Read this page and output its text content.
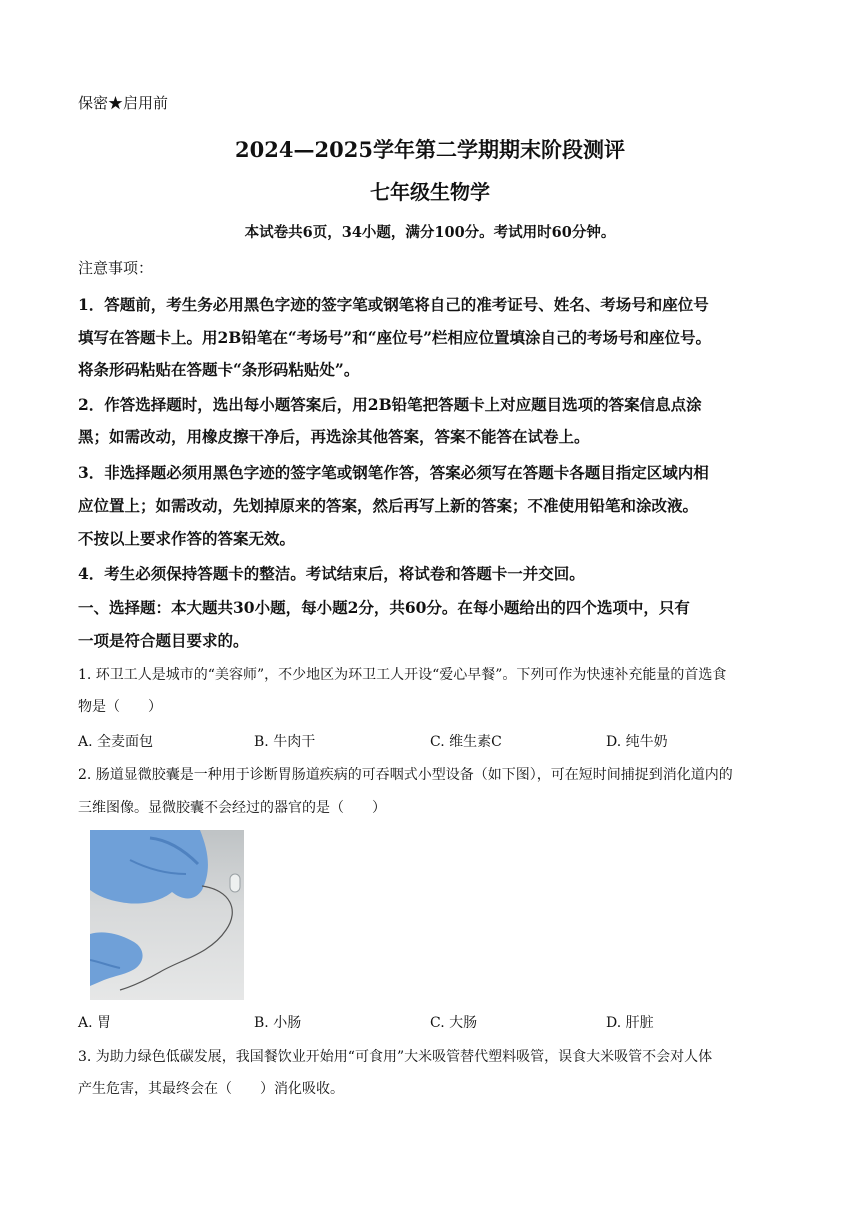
保密★启用前
2024—2025学年第二学期期末阶段测评
七年级生物学
本试卷共6页，34小题，满分100分。考试用时60分钟。
注意事项：
1．答题前，考生务必用黑色字迹的签字笔或钢笔将自己的准考证号、姓名、考场号和座位号
填写在答题卡上。用2B铅笔在“考场号”和“座位号”栏相应位置填涂自己的考场号和座位号。
将条形码粘贴在答题卡“条形码粘贴处”。
2．作答选择题时，选出每小题答案后，用2B铅笔把答题卡上对应题目选项的答案信息点涂
黑；如需改动，用橡皮擦干净后，再选涂其他答案，答案不能答在试卷上。
3．非选择题必须用黑色字迹的签字笔或钢笔作答，答案必须写在答题卡各题目指定区域内相
应位置上；如需改动，先划掉原来的答案，然后再写上新的答案；不准使用铅笔和涂改液。
不按以上要求作答的答案无效。
4．考生必须保持答题卡的整洁。考试结束后，将试卷和答题卡一并交回。
一、选择题：本大题共30小题，每小题2分，共60分。在每小题给出的四个选项中，只有
一项是符合题目要求的。
1. 环卫工人是城市的“美容师”，不少地区为环卫工人开设“爱心早餐”。下列可作为快速补充能量的首选食
物是（　　）
A. 全麦面包	B. 牛肉干	C. 维生素C	D. 纯牛奶
2. 肠道显微胶囊是一种用于诊断胃肠道疾病的可吞咽式小型设备（如下图），可在短时间捕捉到消化道内的
三维图像。显微胶囊不会经过的器官的是（　　）
A. 胃	B. 小肠	C. 大肠	D. 肝脏
3. 为助力绿色低碳发展，我国餐饮业开始用“可食用”大米吸管替代塑料吸管，误食大米吸管不会对人体
产生危害，其最终会在（　　）消化吸收。
